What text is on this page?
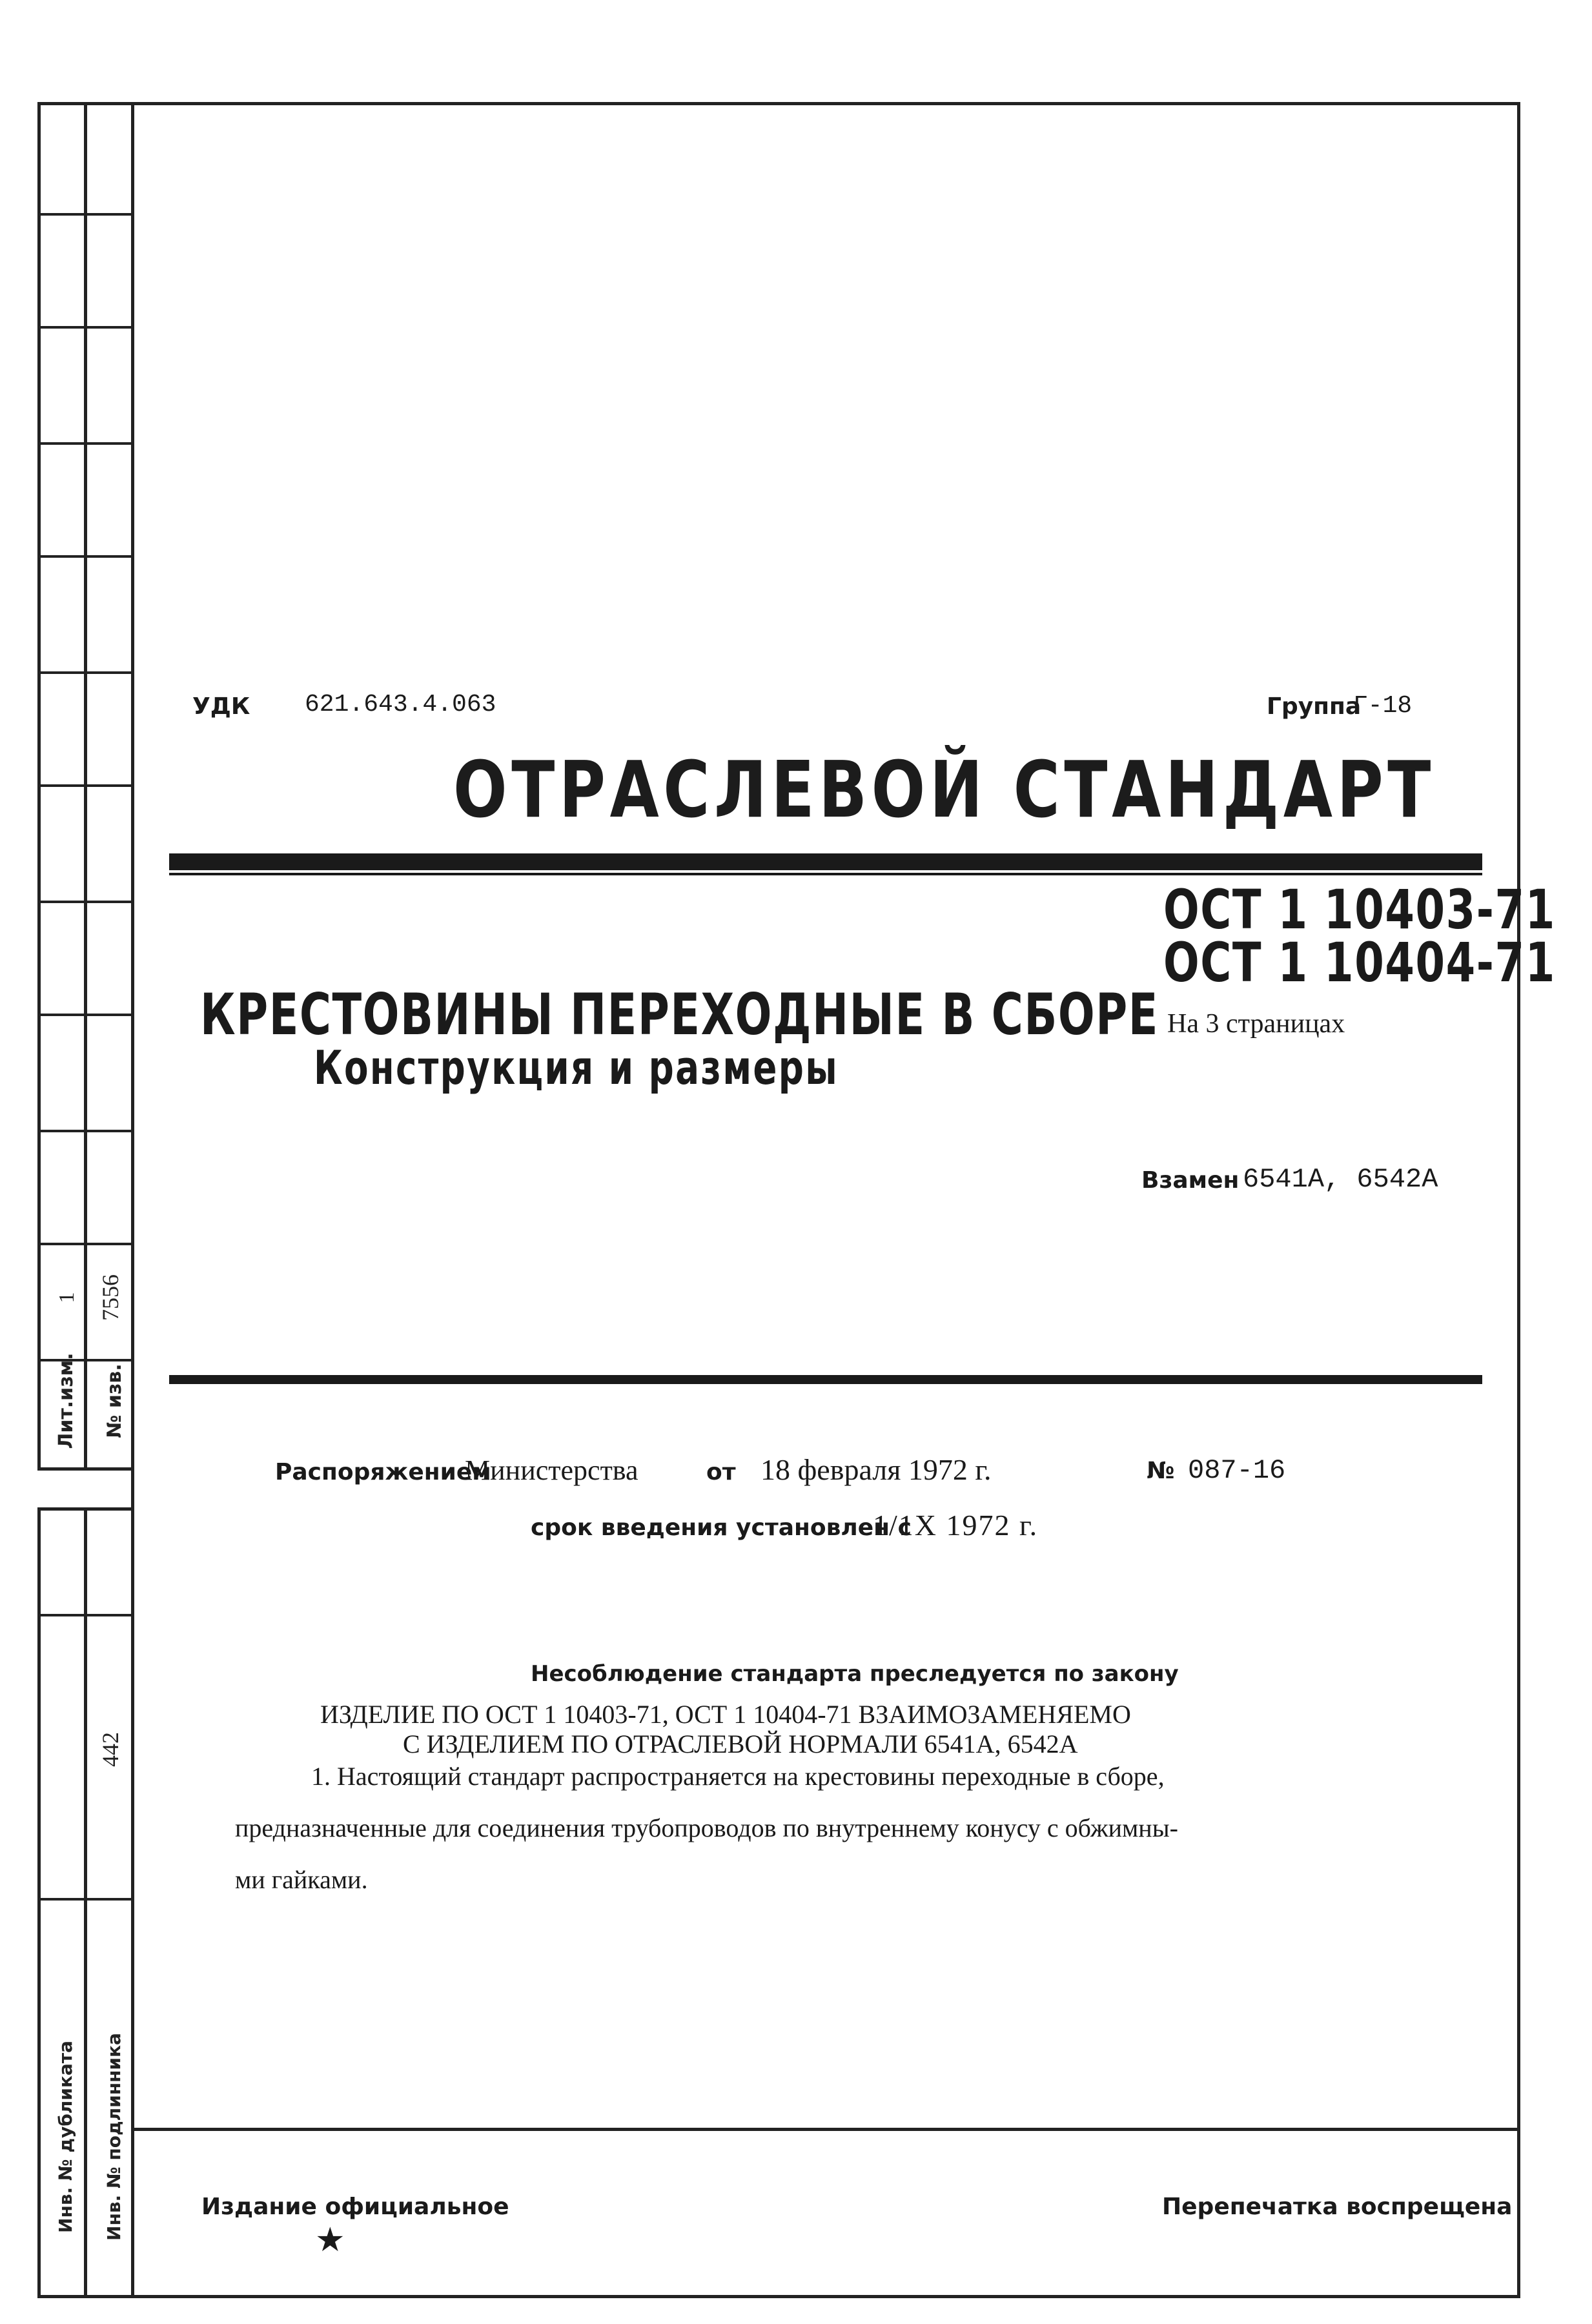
Лит.изм.
1
№ изв.
7556
442
Инв. № дубликата Инв. № подлинника
УДК 621.643.4.063	Группа
Г-18
ОТРАСЛЕВОЙ СТАНДАРТ
ОСТ 1 10403-71
ОСТ 1 10404-71
КРЕСТОВИНЫ ПЕРЕХОДНЫЕ В СБОРЕ
Конструкция и размеры
На 3 страницах
Взамен 6541А, 6542А
Распоряжением
Министерства	от 18 февраля 1972 г.	№ 087-16
срок введения установлен с
1/1Х 1972 г.
Несоблюдение стандарта преследуется по закону
ИЗДЕЛИЕ ПО ОСТ 1 10403-71, ОСТ 1 10404-71 ВЗАИМОЗАМЕНЯЕМО
С ИЗДЕЛИЕМ ПО ОТРАСЛЕВОЙ НОРМАЛИ 6541А, 6542А
1. Настоящий стандарт распространяется на крестовины переходные в сборе,
предназначенные для соединения трубопроводов по внутреннему конусу с обжимны-
ми гайками.
Издание официальное
★
Перепечатка воспрещена
